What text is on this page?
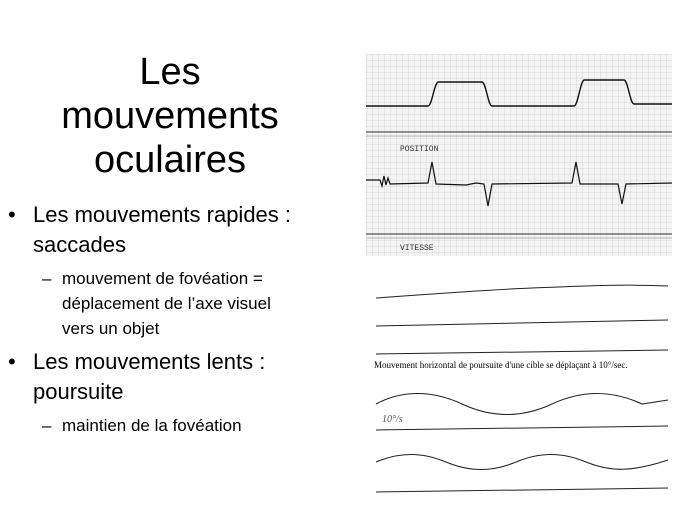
Les
mouvements
oculaires
• Les mouvements rapides :
saccades
– mouvement de fovéation =
déplacement de l’axe visuel
vers un objet
• Les mouvements lents :
poursuite
– maintien de la fovéation
POSITION
VITESSE
Mouvement horizontal de poursuite d'une cible se déplaçant à 10°/sec.
10°/s
